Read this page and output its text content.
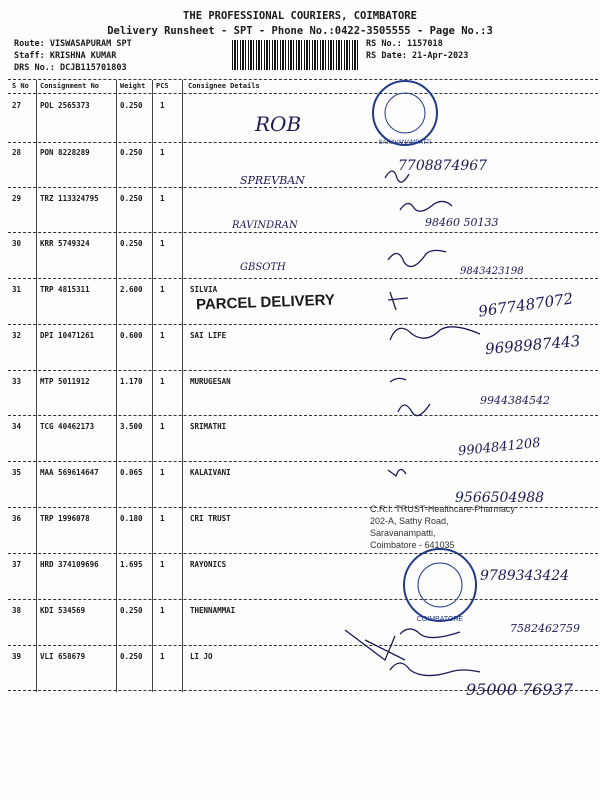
THE PROFESSIONAL COURIERS, COIMBATORE
Delivery Runsheet - SPT - Phone No.:0422-3505555 - Page No.:3
Route: VISWASAPURAM SPT
Staff: KRISHNA KUMAR
DRS No.: DCJB115701803
RS No.: 1157018
RS Date: 21-Apr-2023
S No Consignment No	Weight PCS	Consignee Details
27	POL 2565373	0.250 1
28	PON 8228289	0.250 1
29	TRZ 113324795	0.250 1
30	KRR 5749324	0.250 1
31	TRP 4815311	2.600 1	SILVIA
32	DPI 10471261	0.600 1	SAI LIFE
33	MTP 5011912	1.170 1	MURUGESAN
34	TCG 40462173	3.500 1	SRIMATHI
35	MAA 569614647	0.065 1	KALAIVANI
36	TRP 1996078	0.180 1	CRI TRUST
37	HRD 374109696	1.695 1	RAYONICS
38	KDI 534569	0.250 1	THENNAMMAI
39	VLI 658679	0.250 1	LI JO
PARCEL DELIVERY
ROB
SPREVBAN
RAVINDRAN
GBSOTH
SARAVANAMPATTI
7708874967
98460 50133
9843423198
9677487072
9698987443
9944384542
9904841208
9566504988
9789343424
7582462759
95000 76937
C.R.I. TRUST-Healthcare-Pharmacy
202-A, Sathy Road,
Saravanampatti,
Coimbatore - 641035
COIMBATORE
